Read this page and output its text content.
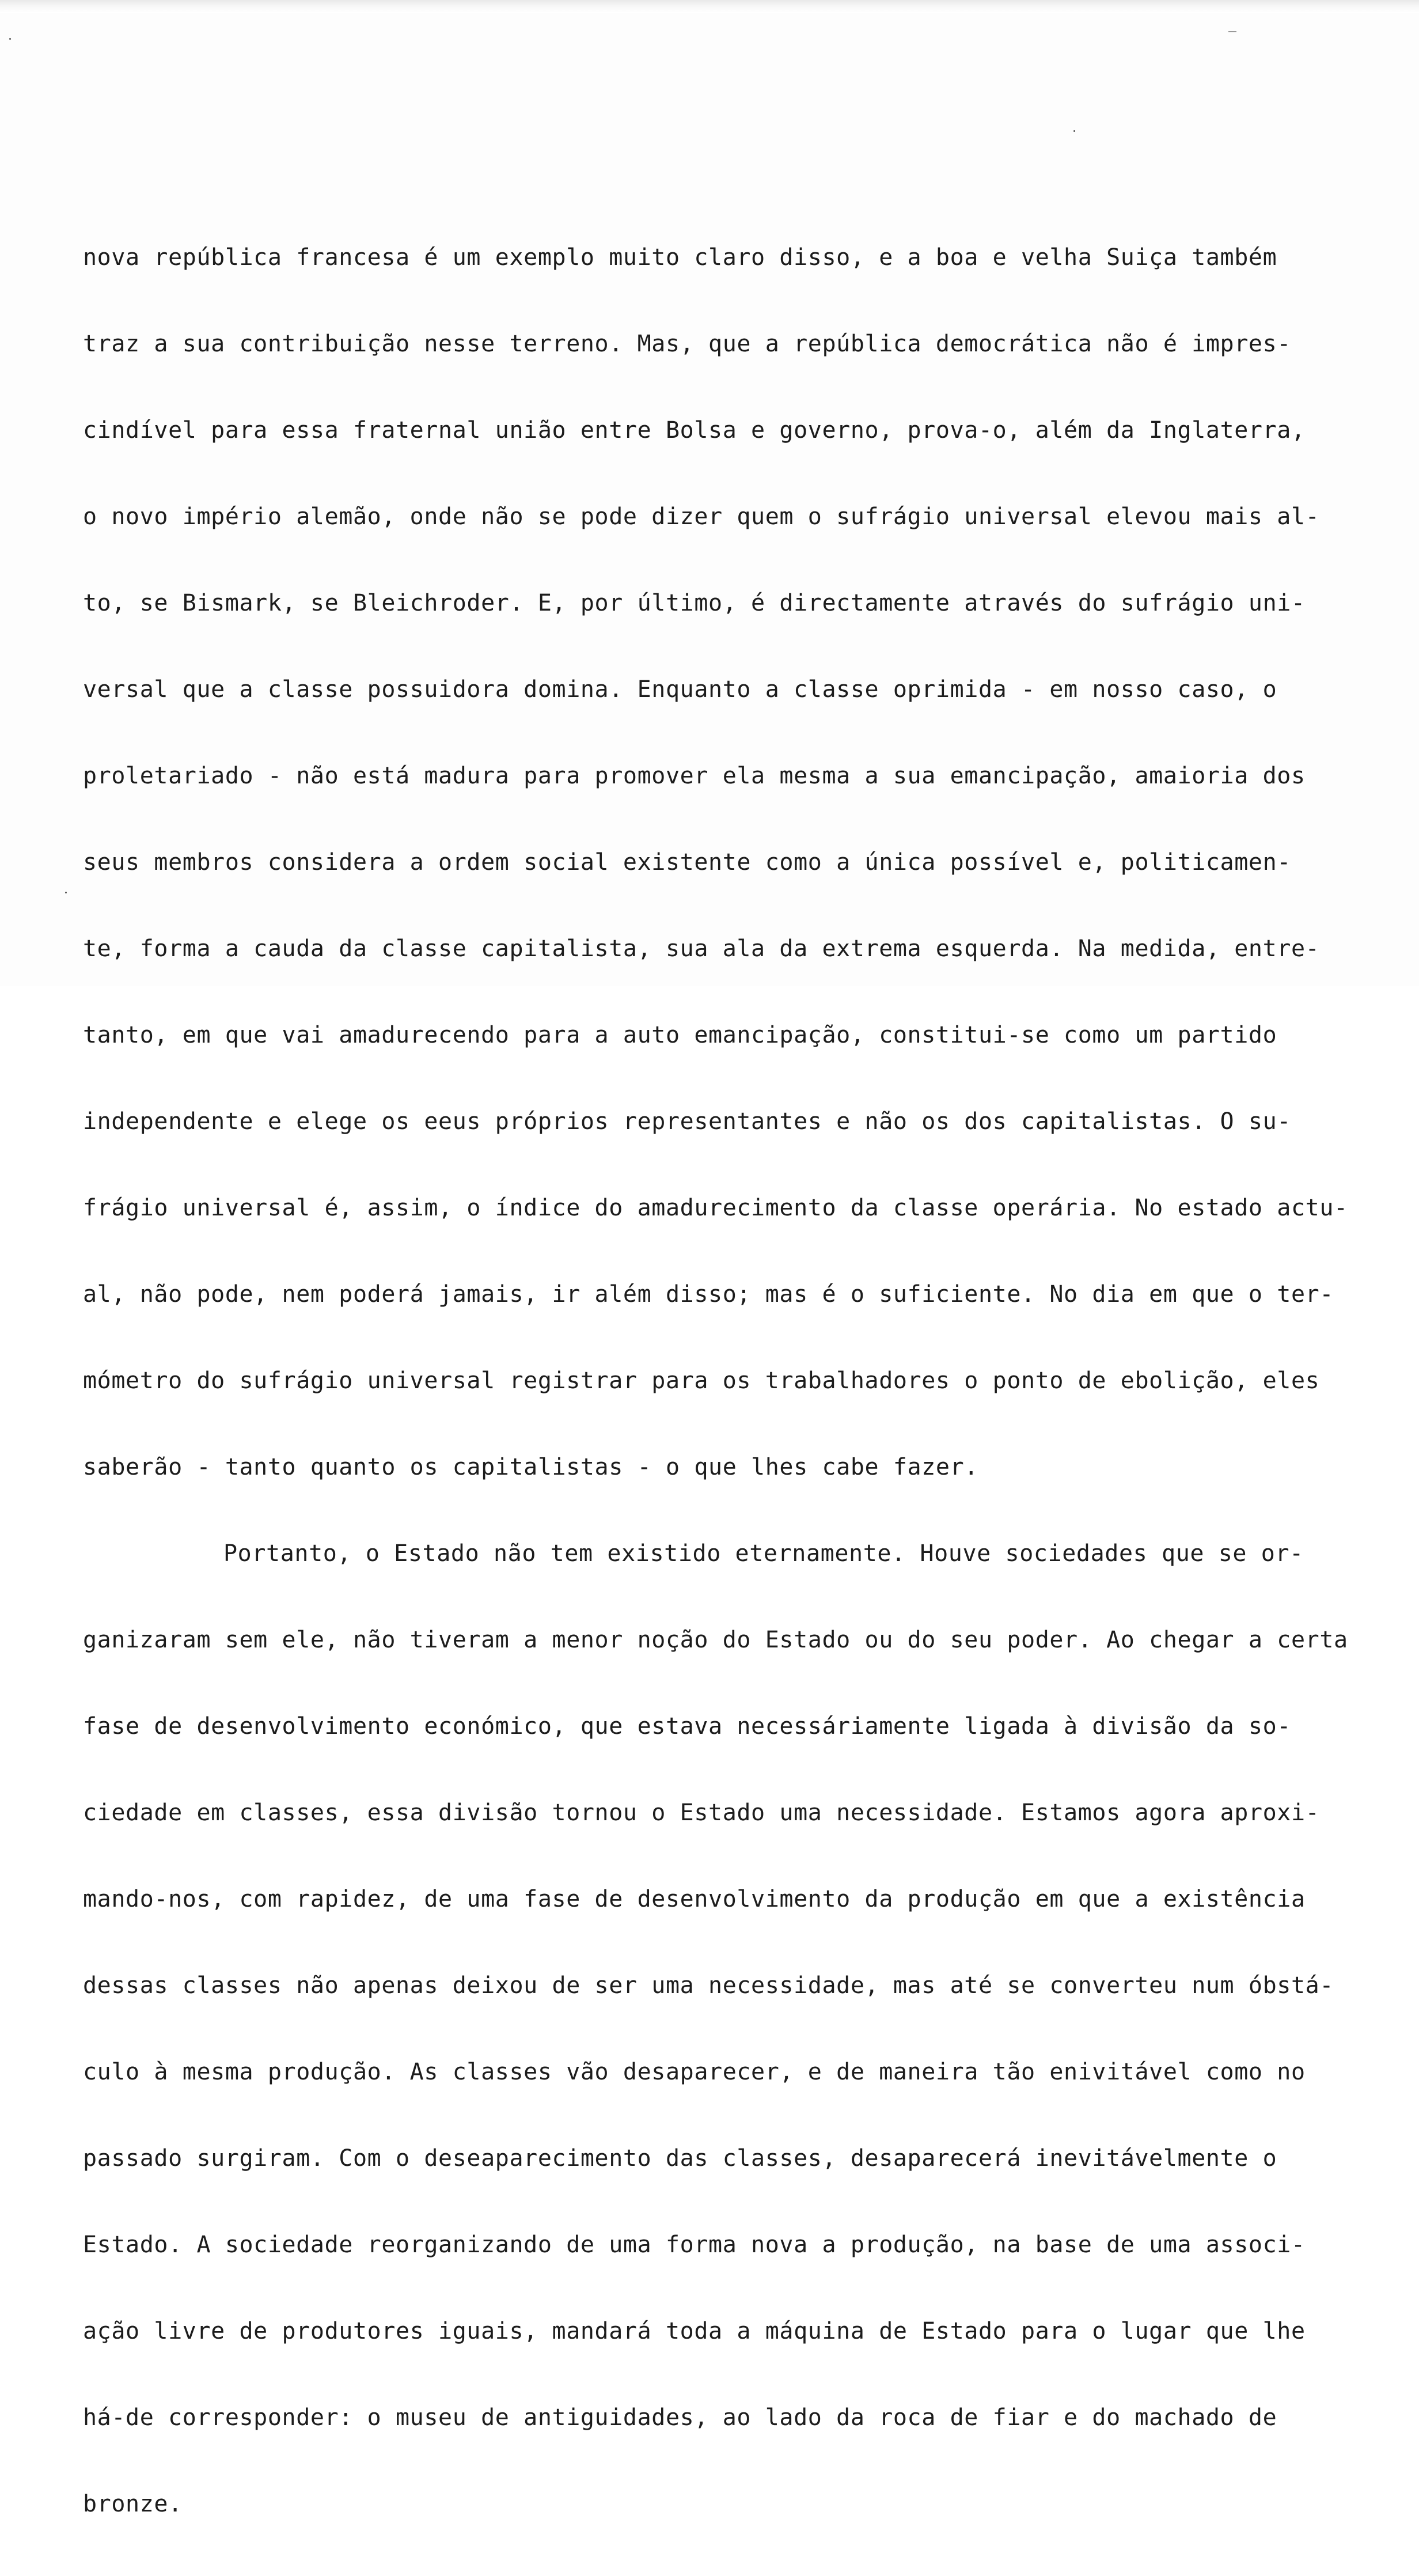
nova república francesa é um exemplo muito claro disso, e a boa e velha Suiça também

traz a sua contribuição nesse terreno. Mas, que a república democrática não é impres-

cindível para essa fraternal união entre Bolsa e governo, prova-o, além da Inglaterra,

o novo império alemão, onde não se pode dizer quem o sufrágio universal elevou mais al-

to, se Bismark, se Bleichroder. E, por último, é directamente através do sufrágio uni-

versal que a classe possuidora domina. Enquanto a classe oprimida - em nosso caso, o

proletariado - não está madura para promover ela mesma a sua emancipação, amaioria dos

seus membros considera a ordem social existente como a única possível e, politicamen-

te, forma a cauda da classe capitalista, sua ala da extrema esquerda. Na medida, entre-

tanto, em que vai amadurecendo para a auto emancipação, constitui-se como um partido

independente e elege os eeus próprios representantes e não os dos capitalistas. O su-

frágio universal é, assim, o índice do amadurecimento da classe operária. No estado actu-

al, não pode, nem poderá jamais, ir além disso; mas é o suficiente. No dia em que o ter-

mómetro do sufrágio universal registrar para os trabalhadores o ponto de ebolição, eles

saberão - tanto quanto os capitalistas - o que lhes cabe fazer.

Portanto, o Estado não tem existido eternamente. Houve sociedades que se or-

ganizaram sem ele, não tiveram a menor noção do Estado ou do seu poder. Ao chegar a certa

fase de desenvolvimento económico, que estava necessáriamente ligada à divisão da so-

ciedade em classes, essa divisão tornou o Estado uma necessidade. Estamos agora aproxi-

mando-nos, com rapidez, de uma fase de desenvolvimento da produção em que a existência

dessas classes não apenas deixou de ser uma necessidade, mas até se converteu num óbstá-

culo à mesma produção. As classes vão desaparecer, e de maneira tão enivitável como no

passado surgiram. Com o deseaparecimento das classes, desaparecerá inevitávelmente o

Estado. A sociedade reorganizando de uma forma nova a produção, na base de uma associ-

ação livre de produtores iguais, mandará toda a máquina de Estado para o lugar que lhe

há-de corresponder: o museu de antiguidades, ao lado da roca de fiar e do machado de

bronze.
